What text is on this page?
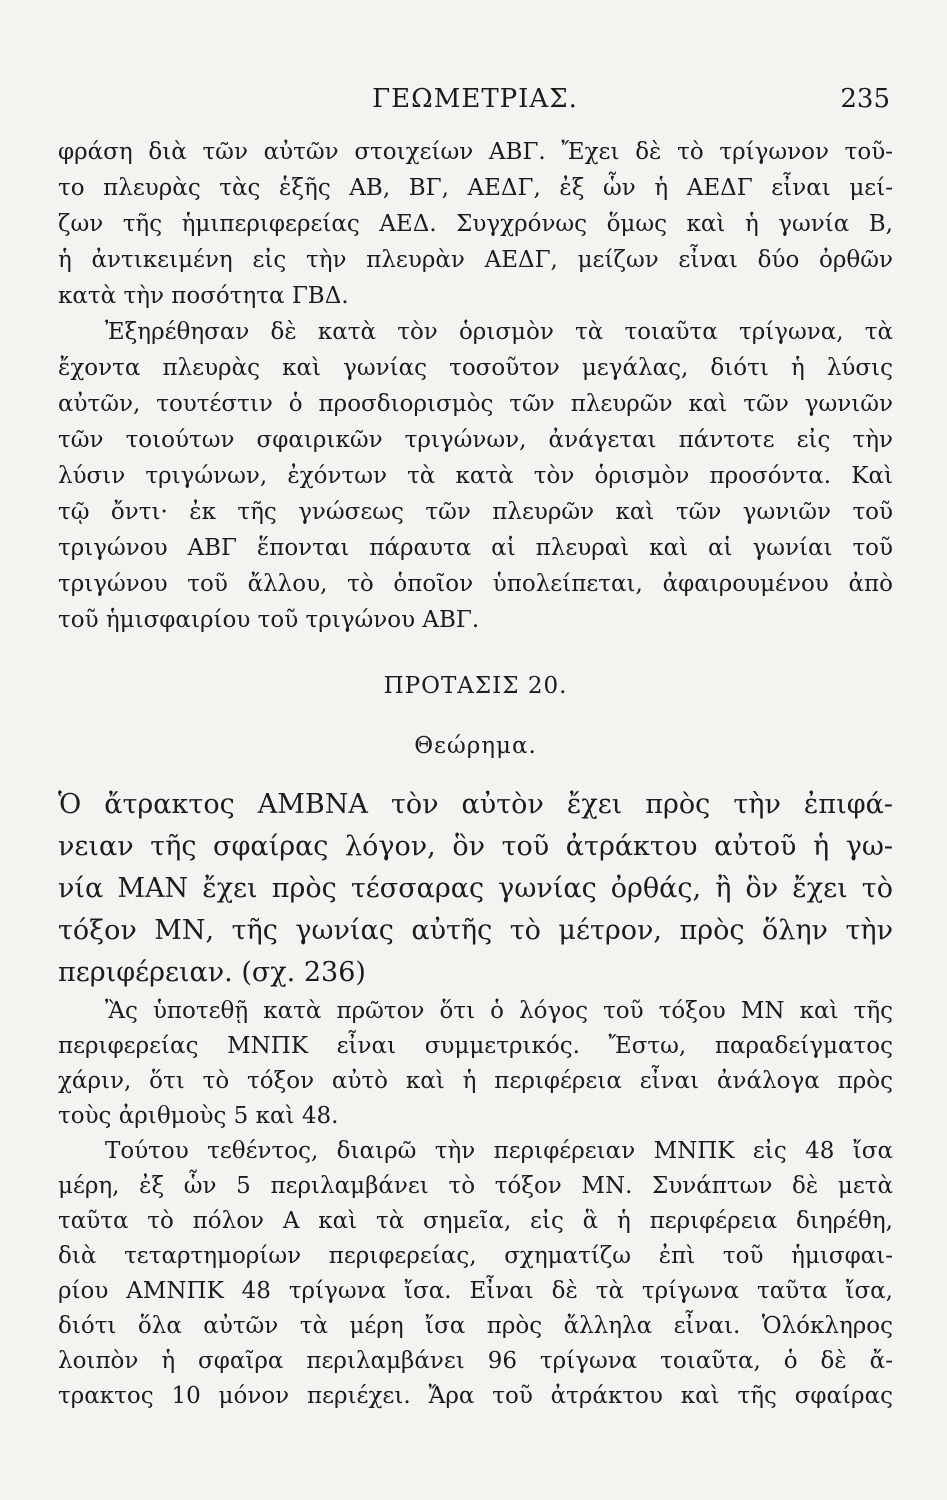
ΓΕΩΜΕΤΡΙΑΣ.	235
φράση διὰ τῶν αὐτῶν στοιχείων ΑΒΓ. Ἔχει δὲ τὸ τρίγωνον τοῦ-
το πλευρὰς τὰς ἑξῆς ΑΒ, ΒΓ, ΑΕΔΓ, ἐξ ὧν ἡ ΑΕΔΓ εἶναι μεί-
ζων τῆς ἡμιπεριφερείας ΑΕΔ. Συγχρόνως ὅμως καὶ ἡ γωνία Β,
ἡ ἀντικειμένη εἰς τὴν πλευρὰν ΑΕΔΓ, μείζων εἶναι δύο ὀρθῶν
κατὰ τὴν ποσότητα ΓΒΔ.
Ἐξηρέθησαν δὲ κατὰ τὸν ὁρισμὸν τὰ τοιαῦτα τρίγωνα, τὰ
ἔχοντα πλευρὰς καὶ γωνίας τοσοῦτον μεγάλας, διότι ἡ λύσις
αὐτῶν, τουτέστιν ὁ προσδιορισμὸς τῶν πλευρῶν καὶ τῶν γωνιῶν
τῶν τοιούτων σφαιρικῶν τριγώνων, ἀνάγεται πάντοτε εἰς τὴν
λύσιν τριγώνων, ἐχόντων τὰ κατὰ τὸν ὁρισμὸν προσόντα. Καὶ
τῷ ὄντι· ἐκ τῆς γνώσεως τῶν πλευρῶν καὶ τῶν γωνιῶν τοῦ
τριγώνου ΑΒΓ ἕπονται πάραυτα αἱ πλευραὶ καὶ αἱ γωνίαι τοῦ
τριγώνου τοῦ ἄλλου, τὸ ὁποῖον ὑπολείπεται, ἀφαιρουμένου ἀπὸ
τοῦ ἡμισφαιρίου τοῦ τριγώνου ΑΒΓ.
ΠΡΟΤΑΣΙΣ 20.
Θεώρημα.
Ὁ ἄτρακτος ΑΜΒΝΑ τὸν αὐτὸν ἔχει πρὸς τὴν ἐπιφά-
νειαν τῆς σφαίρας λόγον, ὃν τοῦ ἀτράκτου αὐτοῦ ἡ γω-
νία ΜΑΝ ἔχει πρὸς τέσσαρας γωνίας ὀρθάς, ἢ ὃν ἔχει τὸ
τόξον ΜΝ, τῆς γωνίας αὐτῆς τὸ μέτρον, πρὸς ὅλην τὴν
περιφέρειαν. (σχ. 236)
Ἂς ὑποτεθῇ κατὰ πρῶτον ὅτι ὁ λόγος τοῦ τόξου ΜΝ καὶ τῆς
περιφερείας ΜΝΠΚ εἶναι συμμετρικός. Ἔστω, παραδείγματος
χάριν, ὅτι τὸ τόξον αὐτὸ καὶ ἡ περιφέρεια εἶναι ἀνάλογα πρὸς
τοὺς ἀριθμοὺς 5 καὶ 48.
Τούτου τεθέντος, διαιρῶ τὴν περιφέρειαν ΜΝΠΚ εἰς 48 ἴσα
μέρη, ἐξ ὧν 5 περιλαμβάνει τὸ τόξον ΜΝ. Συνάπτων δὲ μετὰ
ταῦτα τὸ πόλον Α καὶ τὰ σημεῖα, εἰς ἃ ἡ περιφέρεια διηρέθη,
διὰ τεταρτημορίων περιφερείας, σχηματίζω ἐπὶ τοῦ ἡμισφαι-
ρίου ΑΜΝΠΚ 48 τρίγωνα ἴσα. Εἶναι δὲ τὰ τρίγωνα ταῦτα ἴσα,
διότι ὅλα αὐτῶν τὰ μέρη ἴσα πρὸς ἄλληλα εἶναι. Ὁλόκληρος
λοιπὸν ἡ σφαῖρα περιλαμβάνει 96 τρίγωνα τοιαῦτα, ὁ δὲ ἄ-
τρακτος 10 μόνον περιέχει. Ἄρα τοῦ ἀτράκτου καὶ τῆς σφαίρας
